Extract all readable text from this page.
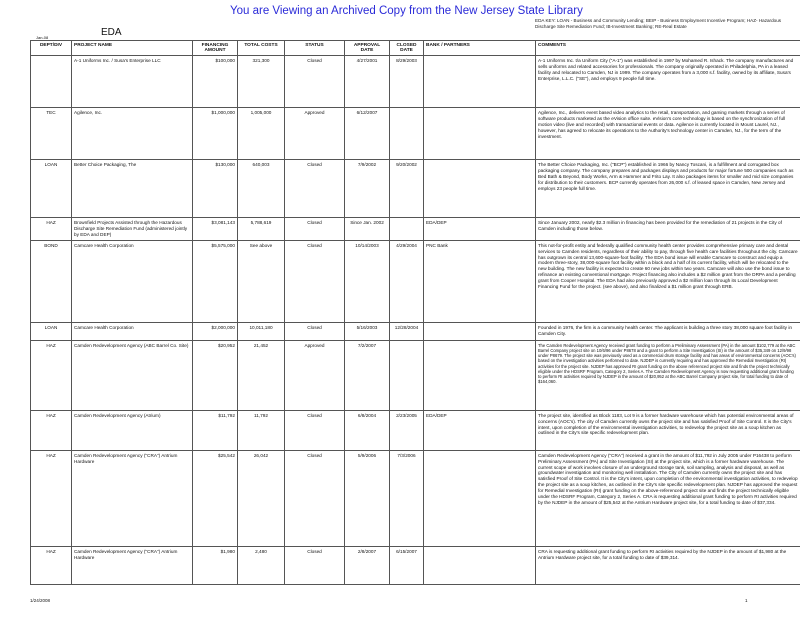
You are Viewing an Archived Copy from the New Jersey State Library
Jan-08	EDA
EDA KEY: LOAN - Business and Community Lending; BEIP - Business Employment Incentive Program; HAZ- Hazardous Discharge Site Remediation Fund; IB-Investment Banking; RE-Real Estate
DEPT/DIV	PROJECT NAME	FINANCING AMOUNT	TOTAL COSTS	STATUS	APPROVAL DATE	CLOSED DATE	BANK / PARTNERS	COMMENTS
	A-1 Uniforms Inc. / Susa's Enterprise LLC	$100,000	321,300	Closed	4/27/2001	8/29/2003		A-1 Uniforms Inc. t/a Uniform City ("A-1") was established in 1997 by Mohamed R. Ishack. The company manufactures and sells uniforms and related accessories for professionals. The company originally operated in Philadelphia, PA in a leased facility and relocated to Camden, NJ in 1999. The company operates from a 3,000 s.f. facility, owned by its affiliate, Susa's Enterprise, L.L.C. ("SE"), and employs 9 people full time.
TEC	Agilence, Inc.	$1,000,000	1,005,000	Approved	6/12/2007			Agilence, Inc., delivers event based video analytics to the retail, transportation, and gaming markets through a series of software products marketed as the eVision office suite. eVision's core technology is based on the synchronization of full motion video (live and recorded) with transactional events or data. Agilence is currently located in Mount Laurel, NJ., however, has agreed to relocate its operations to the Authority's technology center in Camden, NJ., for the term of the investment.
LOAN	Better Choice Packaging, The	$130,000	640,003	Closed	7/9/2002	9/20/2002		The Better Choice Packaging, Inc. ("BCP") established in 1966 by Nancy Toscani, is a fulfillment and corrugated box packaging company. The company prepares and packages displays and products for major fortune 500 companies such as Bed Bath & Beyond, Body Works, Arm & Hammer and Frito Lay. It also packages items for smaller and mid size companies for distribution to their customers. BCP currently operates from 26,000 s.f. of leased space in Camden, New Jersey and employs 23 people full time.
HAZ	Brownfield Projects Assisted through the Hazardous Discharge Site Remediation Fund (administered jointly by EDA and DEP)	$3,081,143	5,788,619	Closed	Since Jan. 2002		EDA/DEP	Since January 2002, nearly $2.3 million in financing has been provided for the remediation of 21 projects in the City of Camden including those below.
BOND	Camcare Health Corporation	$5,575,000	See above	Closed	10/14/2003	4/29/2004	PNC Bank	This not-for-profit entity and federally qualified community health center provides comprehensive primary care and dental services to Camden residents, regardless of their ability to pay, through five health care facilities throughout the city. Camcare has outgrown its central 13,600-square-foot facility. The EDA bond issue will enable Camcare to construct and equip a modern three-story, 38,000-square foot facility within a block and a half of its current facility, which will be relocated to the new building. The new facility is expected to create 60 new jobs within two years. Camcare will also use the bond issue to refinance an existing conventional mortgage. Project financing also includes a $2 million grant from the DRPA and a pending grant from Cooper Hospital. The EDA had also previously approved a $2 million loan through its Local Development Financing Fund for the project. (see above), and also finalized a $1 million grant through ERB.
LOAN	Camcare Health Corporation	$2,000,000	10,011,180	Closed	5/16/2003	12/28/2004		Founded in 1976, the firm is a community health center. The applicant is building a three story 38,000 square foot facility in Camden City.
HAZ	Camden Redevelopment Agency (ABC Barrel Co. Site)	$20,952	21,452	Approved	7/2/2007			The Camden Redevelopment Agency received grant funding to perform a Preliminary Assessment (PA) in the amount $102,779 at the ABC Barrel Company project site on 10/6/96 under P8678 and a grant to perform a Site Investigation (SI) in the amount of $35,349 on 12/9/98 under P8679. The project site was previously used as a commercial drum storage facility and has areas of environmental concerns (AOC's) based on the investigation activities performed to date. NJDEP is currently requiring and has approved the Remedial Investigation (RI) activities for the project site. NJDEP has approved RI grant funding on the above referenced project site and finds the project technically eligible under the HDSRF Program, Category 2, Series A. The Camden Redevelopment Agency is now requesting additional grant funding to perform RI activities required by NJDEP in the amount of $20,952 at the ABC Barrel Company project site, for total funding to date of $164,060.
HAZ	Camden Redevelopment Agency (Atrium)	$11,792	11,792	Closed	6/8/2004	2/23/2005	EDA/DEP	The project site, identified as Block 1183, Lot 9 is a former hardware warehouse which has potential environmental areas of concerns (AOC's). The city of Camden currently owns the project site and has satisfied Proof of Site Control. It is the City's intent, upon completion of the environmental investigation activities, to redevelop the project site as a soup kitchen as outlined in the City's site specific redevelopment plan.
HAZ	Camden Redevelopment Agency ("CRA") Antrium Hardware	$25,542	26,042	Closed	5/9/2006	7/3/2006		Camden Redevelopment Agency ("CRA") received a grant in the amount of $11,792 in July 2005 under P16438 to perform Preliminary Assessment (PA) and Site Investigation (SI) at the project site, which is a former hardware warehouse. The current scope of work involves closure of an underground storage tank, soil sampling, analysis and disposal, as well as groundwater investigation and monitoring well installation. The City of Camden currently owns the project site and has satisfied Proof of Site Control. It is the City's intent, upon completion of the environmental investigation activities, to redevelop the project site as a soup kitchen, as outlined in the City's site specific redevelopment plan. NJDEP has approved the request for Remedial Investigation (RI) grant funding on the above-referenced project site and finds the project technically eligible under the HDSRF Program, Category 2, Series A. CRA is requesting additional grant funding to perform RI activities required by the NJDEP in the amount of $25,542 at the Antrium Hardware project site, for a total funding to date of $37,334.
HAZ	Camden Redevelopment Agency ("CRA") Antrium Hardware	$1,980	2,480	Closed	2/8/2007	6/15/2007		CRA is requesting additional grant funding to perform RI activities required by the NJDEP in the amount of $1,980 at the Antrium Hardware project site, for a total funding to date of $39,314.
1/24/2008	1
